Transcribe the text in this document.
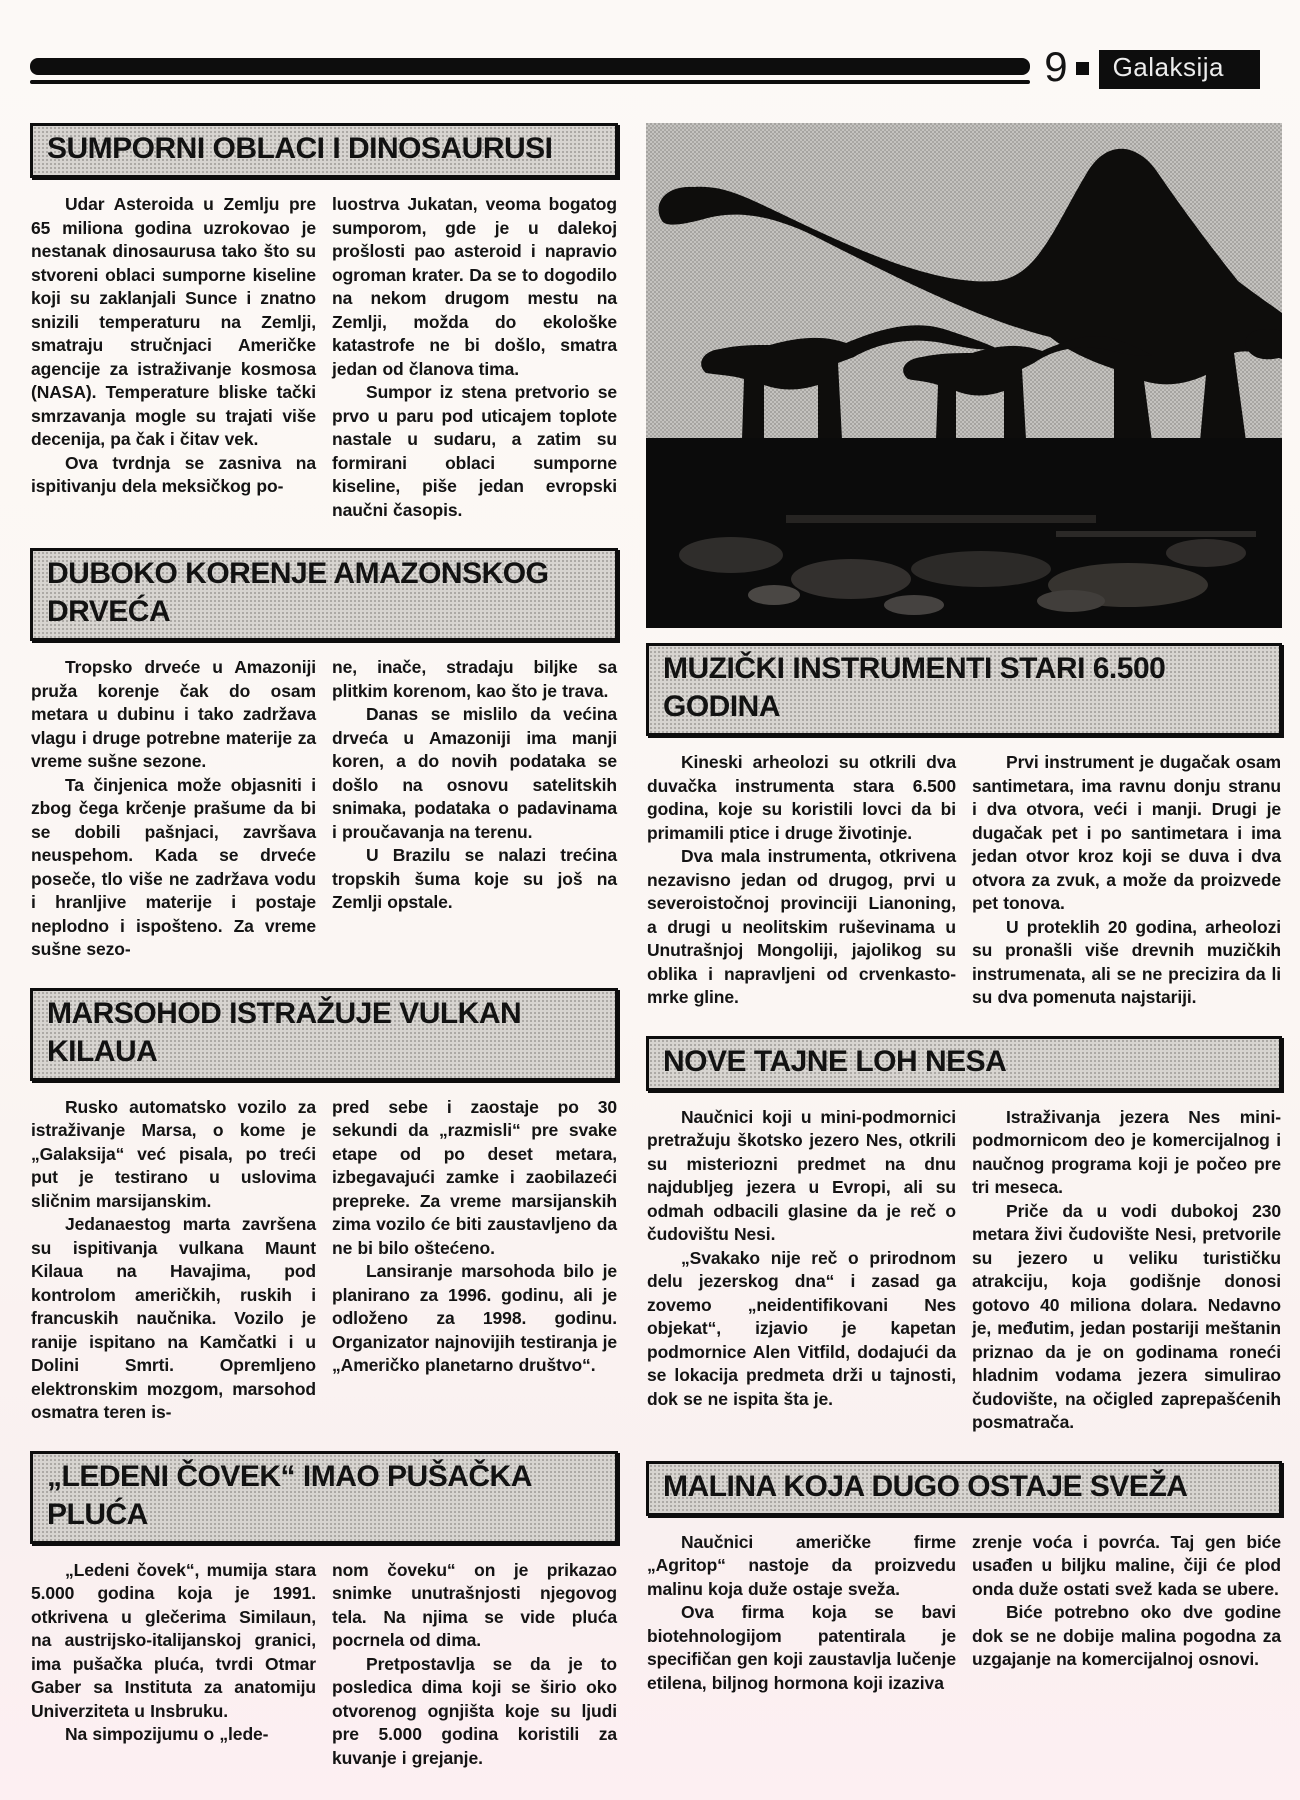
9	Galaksija
SUMPORNI OBLACI I DINOSAURUSI

Udar Asteroida u Zemlju pre 65 miliona godina uzrokovao je nestanak dinosaurusa tako što su stvoreni oblaci sumporne kiseline koji su zaklanjali Sunce i znatno snizili temperaturu na Zemlji, smatraju stručnjaci Američke agencije za istraživanje kosmosa (NASA). Temperature bliske tački smrzavanja mogle su trajati više decenija, pa čak i čitav vek.

Ova tvrdnja se zasniva na ispitivanju dela meksičkog po-

luostrva Jukatan, veoma bogatog sumporom, gde je u dalekoj prošlosti pao asteroid i napravio ogroman krater. Da se to dogodilo na nekom drugom mestu na Zemlji, možda do ekološke katastrofe ne bi došlo, smatra jedan od članova tima.

Sumpor iz stena pretvorio se prvo u paru pod uticajem toplote nastale u sudaru, a zatim su formirani oblaci sumporne kiseline, piše jedan evropski naučni časopis.

DUBOKO KORENJE AMAZONSKOG DRVEĆA

Tropsko drveće u Amazoniji pruža korenje čak do osam metara u dubinu i tako zadržava vlagu i druge potrebne materije za vreme sušne sezone.

Ta činjenica može objasniti i zbog čega krčenje prašume da bi se dobili pašnjaci, završava neuspehom. Kada se drveće poseče, tlo više ne zadržava vodu i hranljive materije i postaje neplodno i ispošteno. Za vreme sušne sezo-

ne, inače, stradaju biljke sa plitkim korenom, kao što je trava.

Danas se mislilo da većina drveća u Amazoniji ima manji koren, a do novih podataka se došlo na osnovu satelitskih snimaka, podataka o padavinama i proučavanja na terenu.

U Brazilu se nalazi trećina tropskih šuma koje su još na Zemlji opstale.

MARSOHOD ISTRAŽUJE VULKAN KILAUA

Rusko automatsko vozilo za istraživanje Marsa, o kome je „Galaksija“ već pisala, po treći put je testirano u uslovima sličnim marsijanskim.

Jedanaestog marta završena su ispitivanja vulkana Maunt Kilaua na Havajima, pod kontrolom američkih, ruskih i francuskih naučnika. Vozilo je ranije ispitano na Kamčatki i u Dolini Smrti. Opremljeno elektronskim mozgom, marsohod osmatra teren is-

pred sebe i zaostaje po 30 sekundi da „razmisli“ pre svake etape od po deset metara, izbegavajući zamke i zaobilazeći prepreke. Za vreme marsijanskih zima vozilo će biti zaustavljeno da ne bi bilo oštećeno.

Lansiranje marsohoda bilo je planirano za 1996. godinu, ali je odloženo za 1998. godinu. Organizator najnovijih testiranja je „Američko planetarno društvo“.

„LEDENI ČOVEK“ IMAO PUŠAČKA PLUĆA

„Ledeni čovek“, mumija stara 5.000 godina koja je 1991. otkrivena u glečerima Similaun, na austrijsko-italijanskoj granici, ima pušačka pluća, tvrdi Otmar Gaber sa Instituta za anatomiju Univerziteta u Insbruku.

Na simpozijumu o „lede-

nom čoveku“ on je prikazao snimke unutrašnjosti njegovog tela. Na njima se vide pluća pocrnela od dima.

Pretpostavlja se da je to posledica dima koji se širio oko otvorenog ognjišta koje su ljudi pre 5.000 godina koristili za kuvanje i grejanje.

MUZIČKI INSTRUMENTI STARI 6.500 GODINA

Kineski arheolozi su otkrili dva duvačka instrumenta stara 6.500 godina, koje su koristili lovci da bi primamili ptice i druge životinje.

Dva mala instrumenta, otkrivena nezavisno jedan od drugog, prvi u severoistočnoj provinciji Lianoning, a drugi u neolitskim ruševinama u Unutrašnjoj Mongoliji, jajolikog su oblika i napravljeni od crvenkasto-mrke gline.

Prvi instrument je dugačak osam santimetara, ima ravnu donju stranu i dva otvora, veći i manji. Drugi je dugačak pet i po santimetara i ima jedan otvor kroz koji se duva i dva otvora za zvuk, a može da proizvede pet tonova.

U proteklih 20 godina, arheolozi su pronašli više drevnih muzičkih instrumenata, ali se ne precizira da li su dva pomenuta najstariji.

NOVE TAJNE LOH NESA

Naučnici koji u mini-podmornici pretražuju škotsko jezero Nes, otkrili su misteriozni predmet na dnu najdubljeg jezera u Evropi, ali su odmah odbacili glasine da je reč o čudovištu Nesi.

„Svakako nije reč o prirodnom delu jezerskog dna“ i zasad ga zovemo „neidentifikovani Nes objekat“, izjavio je kapetan podmornice Alen Vitfild, dodajući da se lokacija predmeta drži u tajnosti, dok se ne ispita šta je.

Istraživanja jezera Nes mini-podmornicom deo je komercijalnog i naučnog programa koji je počeo pre tri meseca.

Priče da u vodi dubokoj 230 metara živi čudovište Nesi, pretvorile su jezero u veliku turističku atrakciju, koja godišnje donosi gotovo 40 miliona dolara. Nedavno je, međutim, jedan postariji meštanin priznao da je on godinama roneći hladnim vodama jezera simulirao čudovište, na očigled zaprepašćenih posmatrača.

MALINA KOJA DUGO OSTAJE SVEŽA

Naučnici američke firme „Agritop“ nastoje da proizvedu malinu koja duže ostaje sveža.

Ova firma koja se bavi biotehnologijom patentirala je specifičan gen koji zaustavlja lučenje etilena, biljnog hormona koji izaziva

zrenje voća i povrća. Taj gen biće usađen u biljku maline, čiji će plod onda duže ostati svež kada se ubere.

Biće potrebno oko dve godine dok se ne dobije malina pogodna za uzgajanje na komercijalnoj osnovi.
